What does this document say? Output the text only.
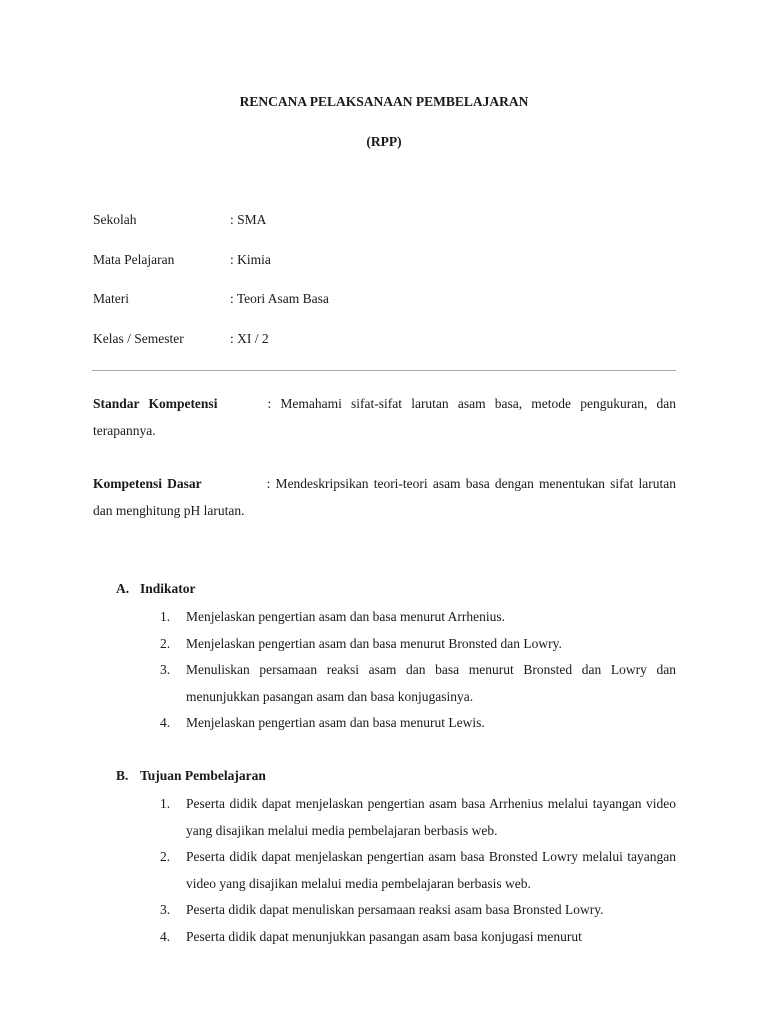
RENCANA PELAKSANAAN PEMBELAJARAN
(RPP)
Sekolah	: SMA
Mata Pelajaran	: Kimia
Materi	: Teori Asam Basa
Kelas / Semester	: XI / 2
Standar Kompetensi	: Memahami sifat-sifat larutan asam basa, metode pengukuran, dan terapannya.
Kompetensi Dasar	: Mendeskripsikan teori-teori asam basa dengan menentukan sifat larutan dan menghitung pH larutan.
A. Indikator
1. Menjelaskan pengertian asam dan basa menurut Arrhenius.
2. Menjelaskan pengertian asam dan basa menurut Bronsted dan Lowry.
3. Menuliskan persamaan reaksi asam dan basa menurut Bronsted dan Lowry dan menunjukkan pasangan asam dan basa konjugasinya.
4. Menjelaskan pengertian asam dan basa menurut Lewis.
B. Tujuan Pembelajaran
1. Peserta didik dapat menjelaskan pengertian asam basa Arrhenius melalui tayangan video yang disajikan melalui media pembelajaran berbasis web.
2. Peserta didik dapat menjelaskan pengertian asam basa Bronsted Lowry melalui tayangan video yang disajikan melalui media pembelajaran berbasis web.
3. Peserta didik dapat menuliskan persamaan reaksi asam basa Bronsted Lowry.
4. Peserta didik dapat menunjukkan pasangan asam basa konjugasi menurut
